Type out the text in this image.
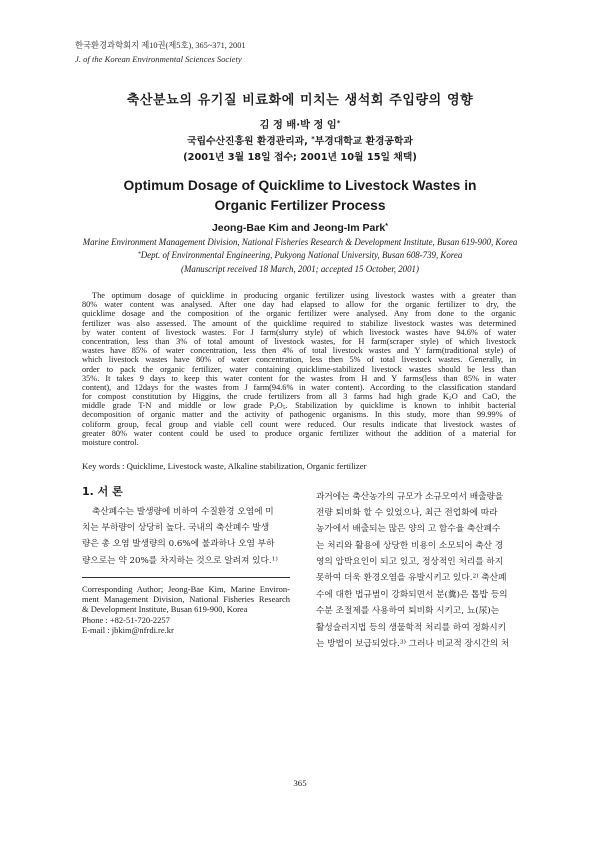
한국환경과학회지 제10권(제5호), 365~371, 2001
J. of the Korean Environmental Sciences Society
축산분뇨의 유기질 비료화에 미치는 생석회 주입량의 영향
김 정 배·박 정 임*
국립수산진흥원 환경관리과, *부경대학교 환경공학과
(2001년 3월 18일 접수; 2001년 10월 15일 채택)
Optimum Dosage of Quicklime to Livestock Wastes in
Organic Fertilizer Process
Jeong-Bae Kim and Jeong-Im Park*
Marine Environment Management Division, National Fisheries Research & Development Institute, Busan 619-900, Korea
*Dept. of Environmental Engineering, Pukyong National University, Busan 608-739, Korea
(Manuscript received 18 March, 2001; accepted 15 October, 2001)
The optimum dosage of quicklime in producing organic fertilizer using livestock wastes with a greater than
80% water content was analysed. After one day had elapsed to allow for the organic fertilizer to dry, the
quicklime dosage and the composition of the organic fertilizer were analysed. Any from done to the organic
fertilizer was also assessed. The amount of the quicklime required to stabilize livestock wastes was determined
by water content of livestock wastes. For J farm(slurry style) of which livestock wastes have 94.6% of water
concentration, less than 3% of total amount of livestock wastes, for H farm(scraper style) of which livestock
wastes have 85% of water concentration, less then 4% of total livestock wastes and Y farm(traditional style) of
which livestock wastes have 80% of water concentration, less then 5% of total livestock wastes. Generally, in
order to pack the organic fertilizer, water containing quicklime-stabilized livestock wastes should be less than
35%. It takes 9 days to keep this water content for the wastes from H and Y farms(less than 85% in water
content), and 12days for the wastes from J farm(94.6% in water content). According to the classification standard
for compost constitution by Higgins, the crude fertilizers from all 3 farms had high grade $K_2O$ and CaO, the
middle grade T-N and middle or low grade $P_2O_5$. Stabilization by quicklime is known to inhibit bacterial
decomposition of organic matter and the activity of pathogenic organisms. In this study, more than 99.99% of
coliform group, fecal group and viable cell count were reduced. Our results indicate that livestock wastes of
greater 80% water content could be used to produce organic fertilizer without the addition of a material for
moisture control.
Key words : Quicklime, Livestock waste, Alkaline stabilization, Organic fertilizer
1. 서 론
축산폐수는 발생량에 비하여 수질환경 오염에 미
치는 부하량이 상당히 높다. 국내의 축산폐수 발생
량은 총 오염 발생량의 0.6%에 불과하나 오염 부하
량으로는 약 20%를 차지하는 것으로 알려져 있다.$^{1)}$
Corresponding Author; Jeong-Bae Kim, Marine Environ-
ment Management Division, National Fisheries Research
& Development Institute, Busan 619-900, Korea
Phone : +82-51-720-2257
E-mail : jbkim@nfrdi.re.kr
과거에는 축산농가의 규모가 소규모여서 배출량을
전량 퇴비화 할 수 있었으나, 최근 전업화에 따라
농가에서 배출되는 많은 양의 고 함수율 축산폐수
는 처리와 활용에 상당한 비용이 소모되어 축산 경
영의 압박요인이 되고 있고, 정상적인 처리를 하지
못하여 더욱 환경오염을 유발시키고 있다.$^{2)}$ 축산폐
수에 대한 법규범이 강화되면서 분(糞)은 톱밥 등의
수분 조절제를 사용하여 퇴비화 시키고, 뇨(尿)는
활성슬러지법 등의 생물학적 처리를 하여 정화시키
는 방법이 보급되었다.$^{3)}$ 그러나 비교적 장시간의 처
365
